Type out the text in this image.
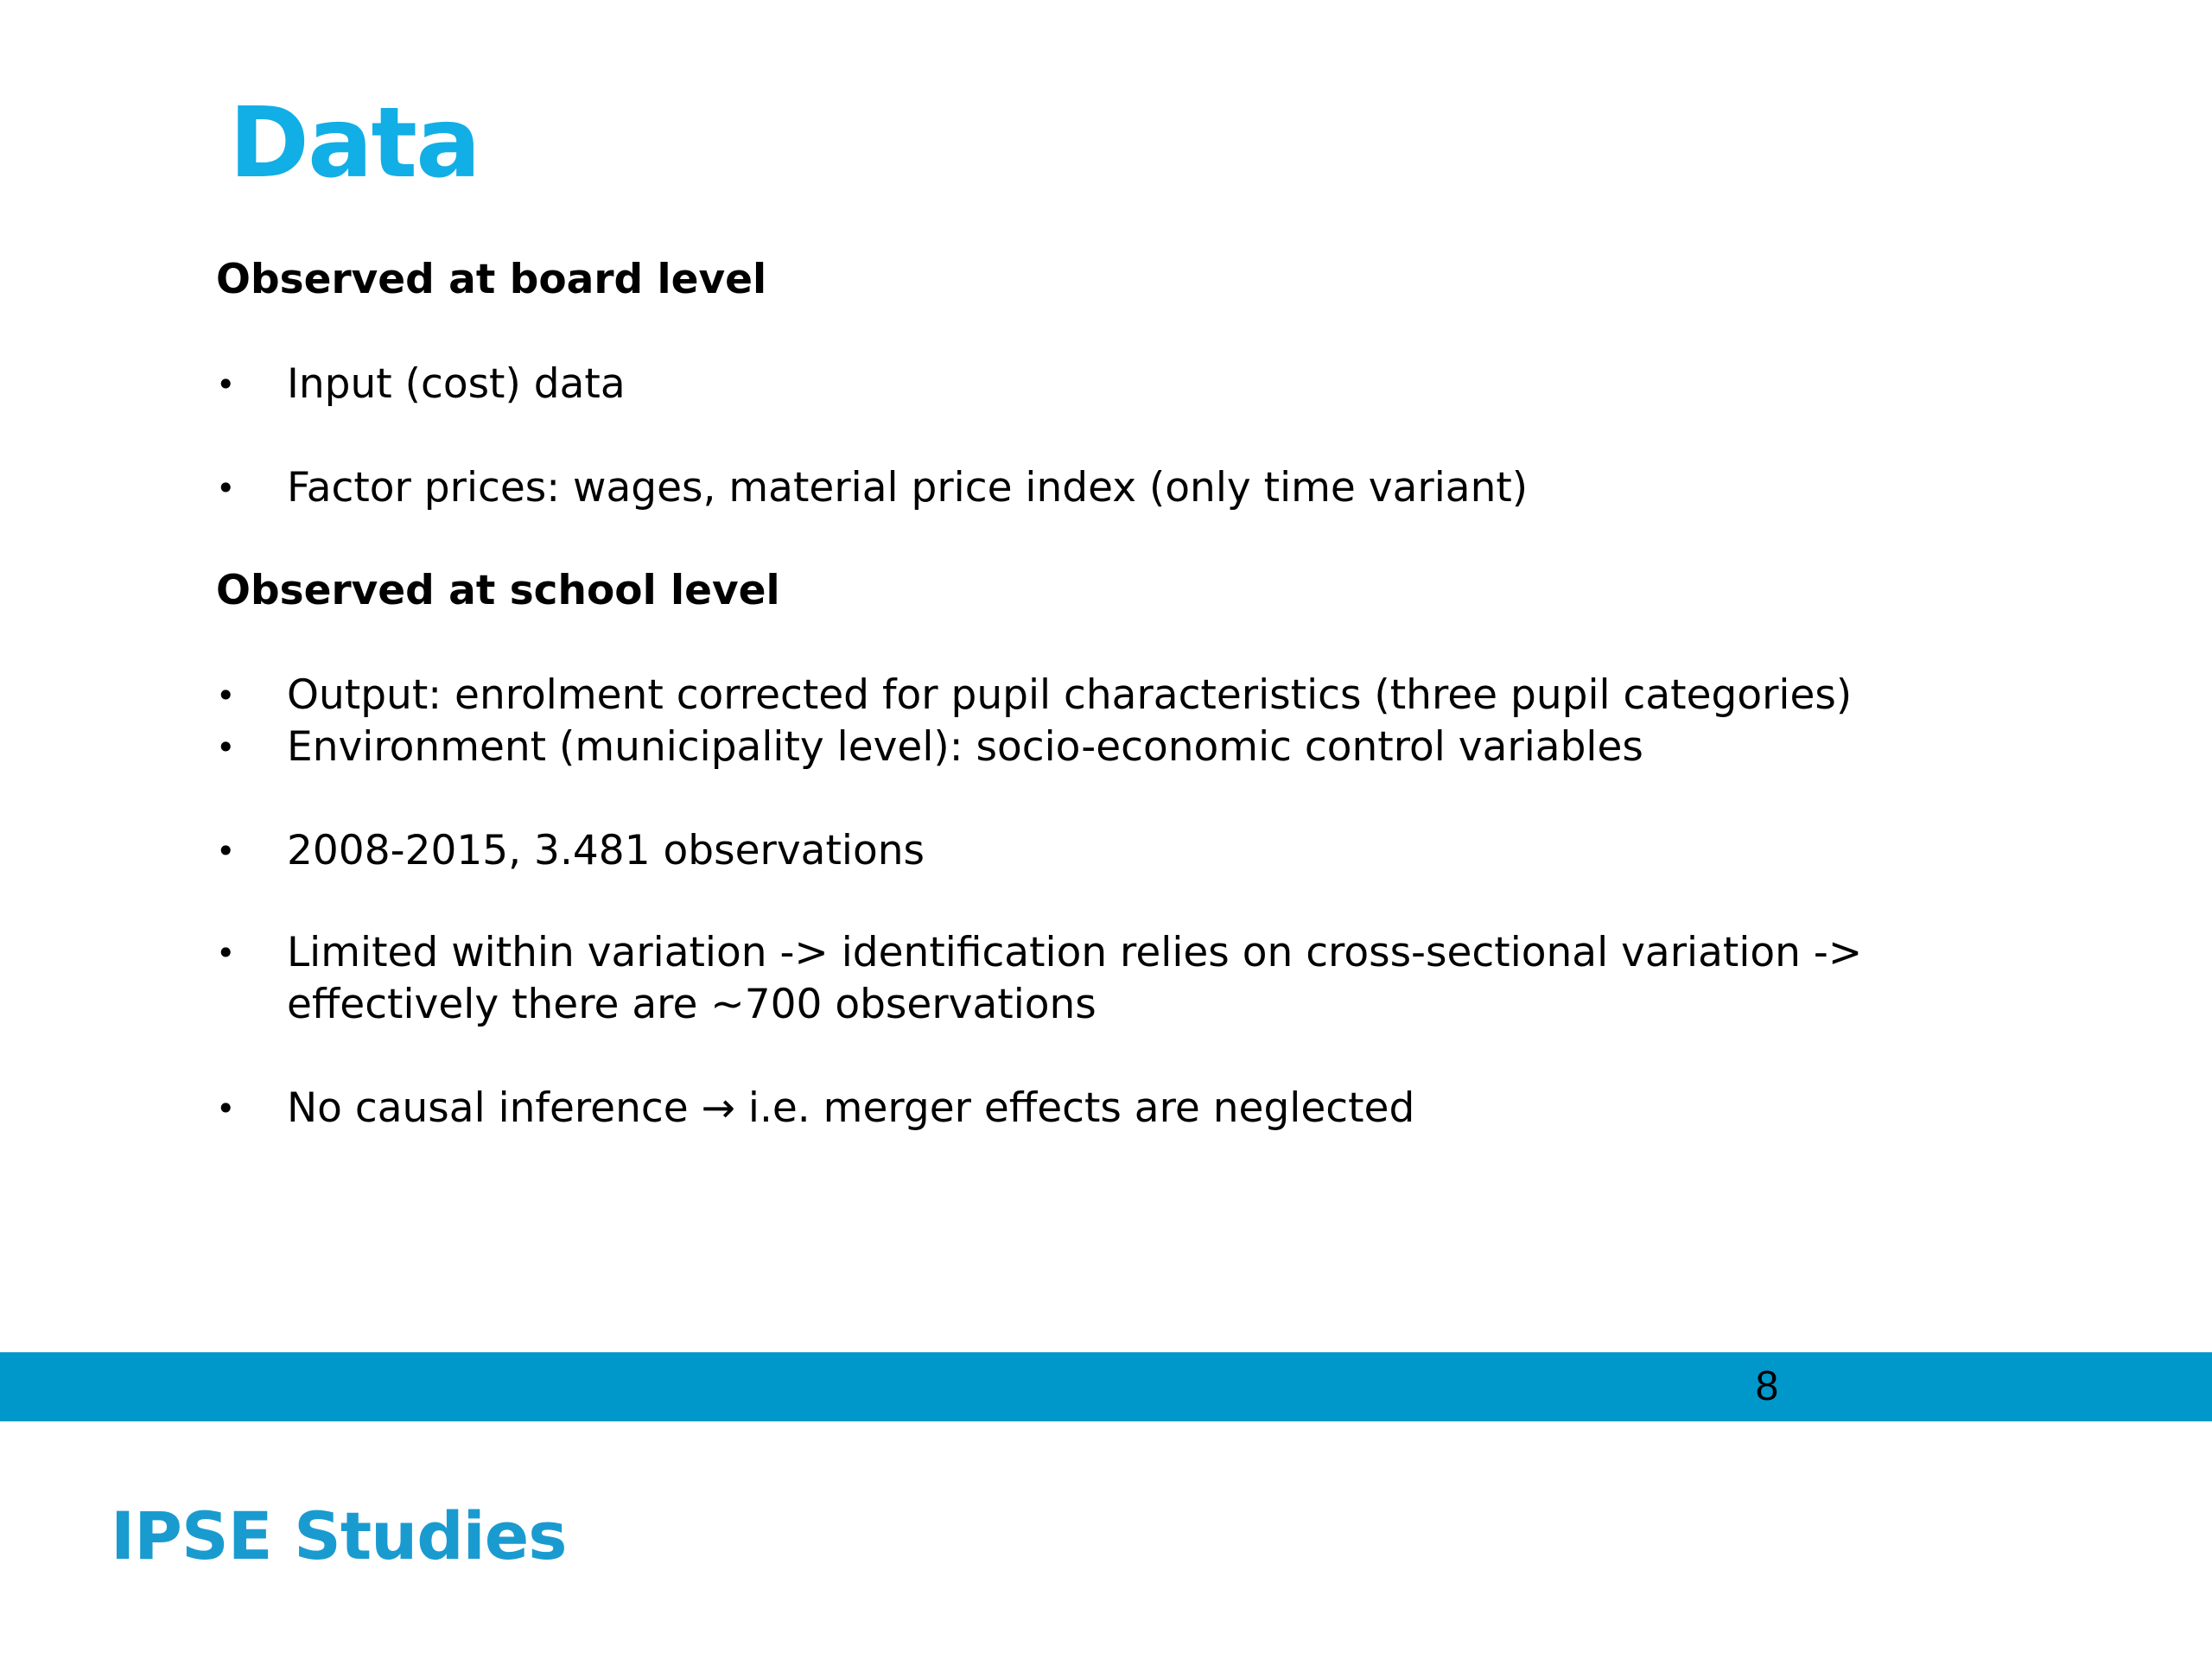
Data
Observed at board level
• Input (cost) data
• Factor prices: wages, material price index (only time variant)
Observed at school level
• Output: enrolment corrected for pupil characteristics (three pupil categories)
• Environment (municipality level): socio-economic control variables
• 2008-2015, 3.481 observations
• Limited within variation -> identification relies on cross-sectional variation -> effectively there are ~700 observations
• No causal inference → i.e. merger effects are neglected
8
IPSE Studies
